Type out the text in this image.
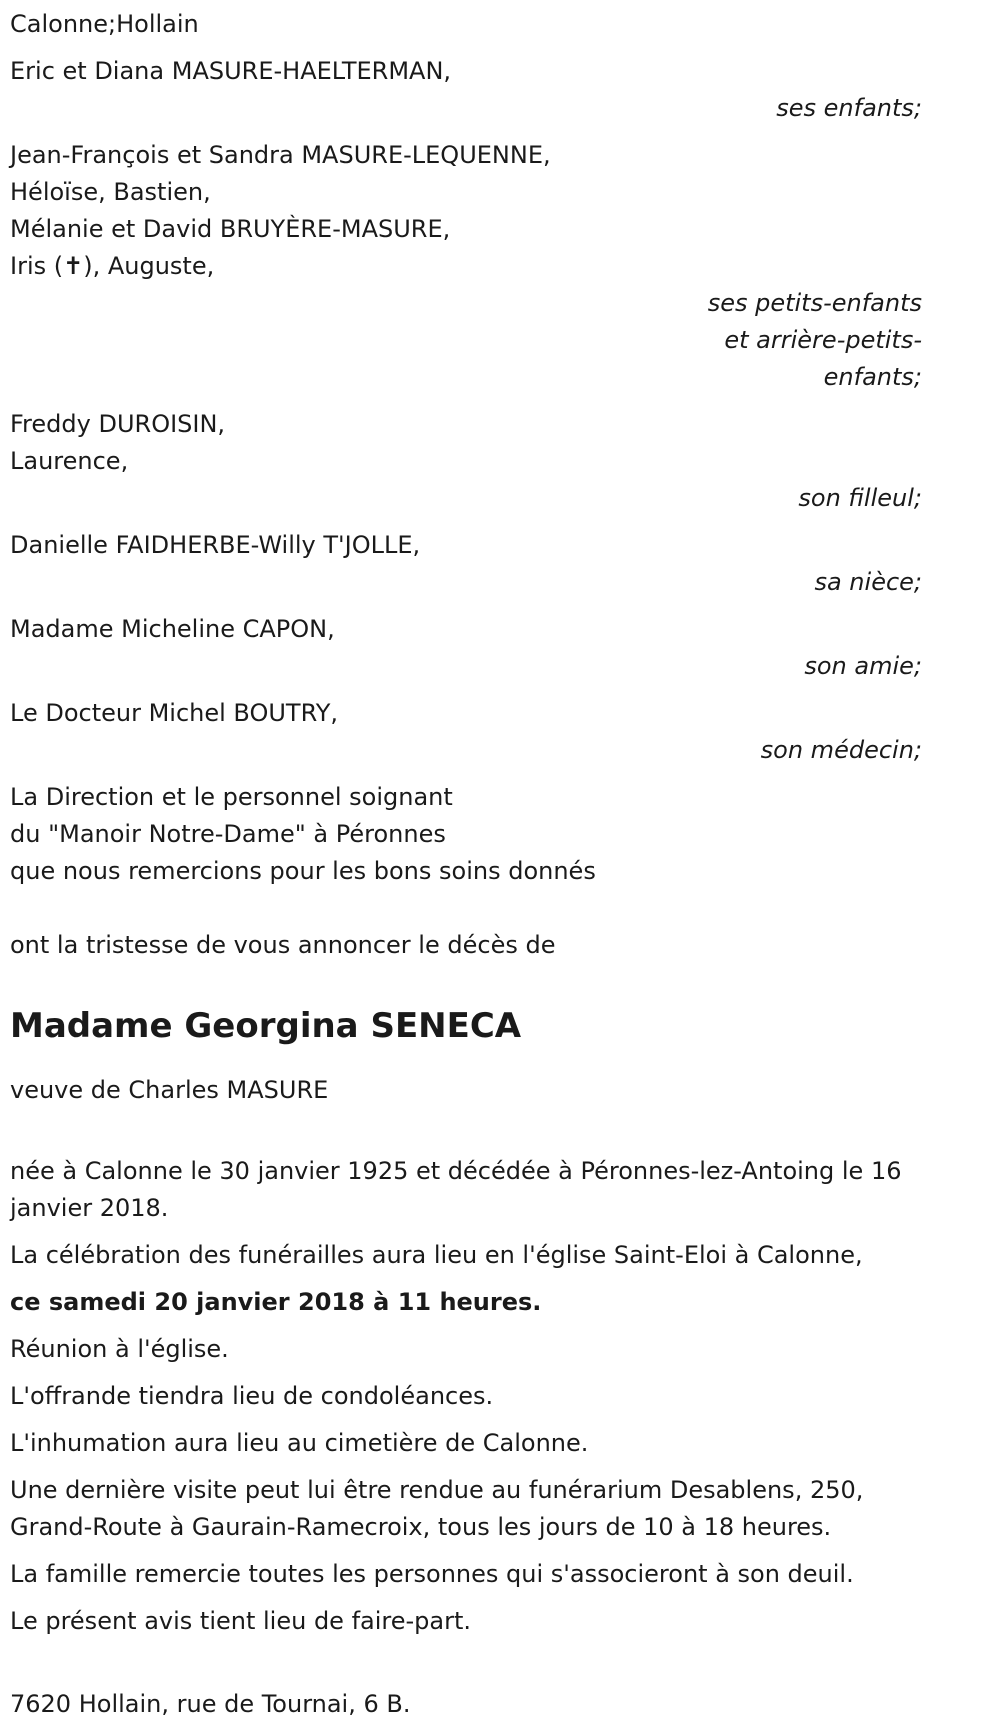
Calonne;Hollain
Eric et Diana MASURE-HAELTERMAN,
ses enfants;
Jean-François et Sandra MASURE-LEQUENNE,
Héloïse, Bastien,
Mélanie et David BRUYÈRE-MASURE,
Iris (✝), Auguste,
ses petits-enfants
et arrière-petits-
enfants;
Freddy DUROISIN,
Laurence,
son filleul;
Danielle FAIDHERBE-Willy T'JOLLE,
sa nièce;
Madame Micheline CAPON,
son amie;
Le Docteur Michel BOUTRY,
son médecin;
La Direction et le personnel soignant
du "Manoir Notre-Dame" à Péronnes
que nous remercions pour les bons soins donnés
ont la tristesse de vous annoncer le décès de
Madame Georgina SENECA
veuve de Charles MASURE
née à Calonne le 30 janvier 1925 et décédée à Péronnes-lez-Antoing le 16 janvier 2018.
La célébration des funérailles aura lieu en l'église Saint-Eloi à Calonne,
ce samedi 20 janvier 2018 à 11 heures.
Réunion à l'église.
L'offrande tiendra lieu de condoléances.
L'inhumation aura lieu au cimetière de Calonne.
Une dernière visite peut lui être rendue au funérarium Desablens, 250, Grand-Route à Gaurain-Ramecroix, tous les jours de 10 à 18 heures.
La famille remercie toutes les personnes qui s'associeront à son deuil.
Le présent avis tient lieu de faire-part.
7620 Hollain, rue de Tournai, 6 B.
